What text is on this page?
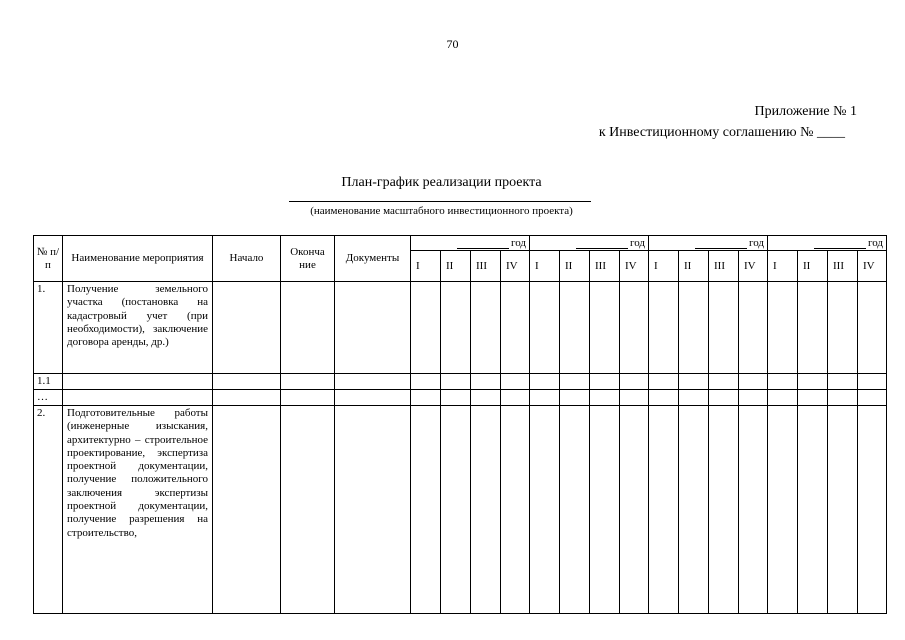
70
Приложение № 1
к Инвестиционному соглашению № ____
План-график реализации проекта
(наименование масштабного инвестиционного проекта)
№ п/п	Наименование мероприятия	Начало	Оконча ние	Документы	год				год				год				год			
					I	II	III	IV	I	II	III	IV	I	II	III	IV	I	II	III	IV
1.	Получение земельного участка (постановка на кадастровый учет (при необходимости), заключение договора аренды, др.)																			
1.1																				
…																				
2.	Подготовительные работы (инженерные изыскания, архитектурно – строительное проектирование, экспертиза проектной документации, получение положительного заключения экспертизы проектной документации, получение разрешения на строительство,																			
